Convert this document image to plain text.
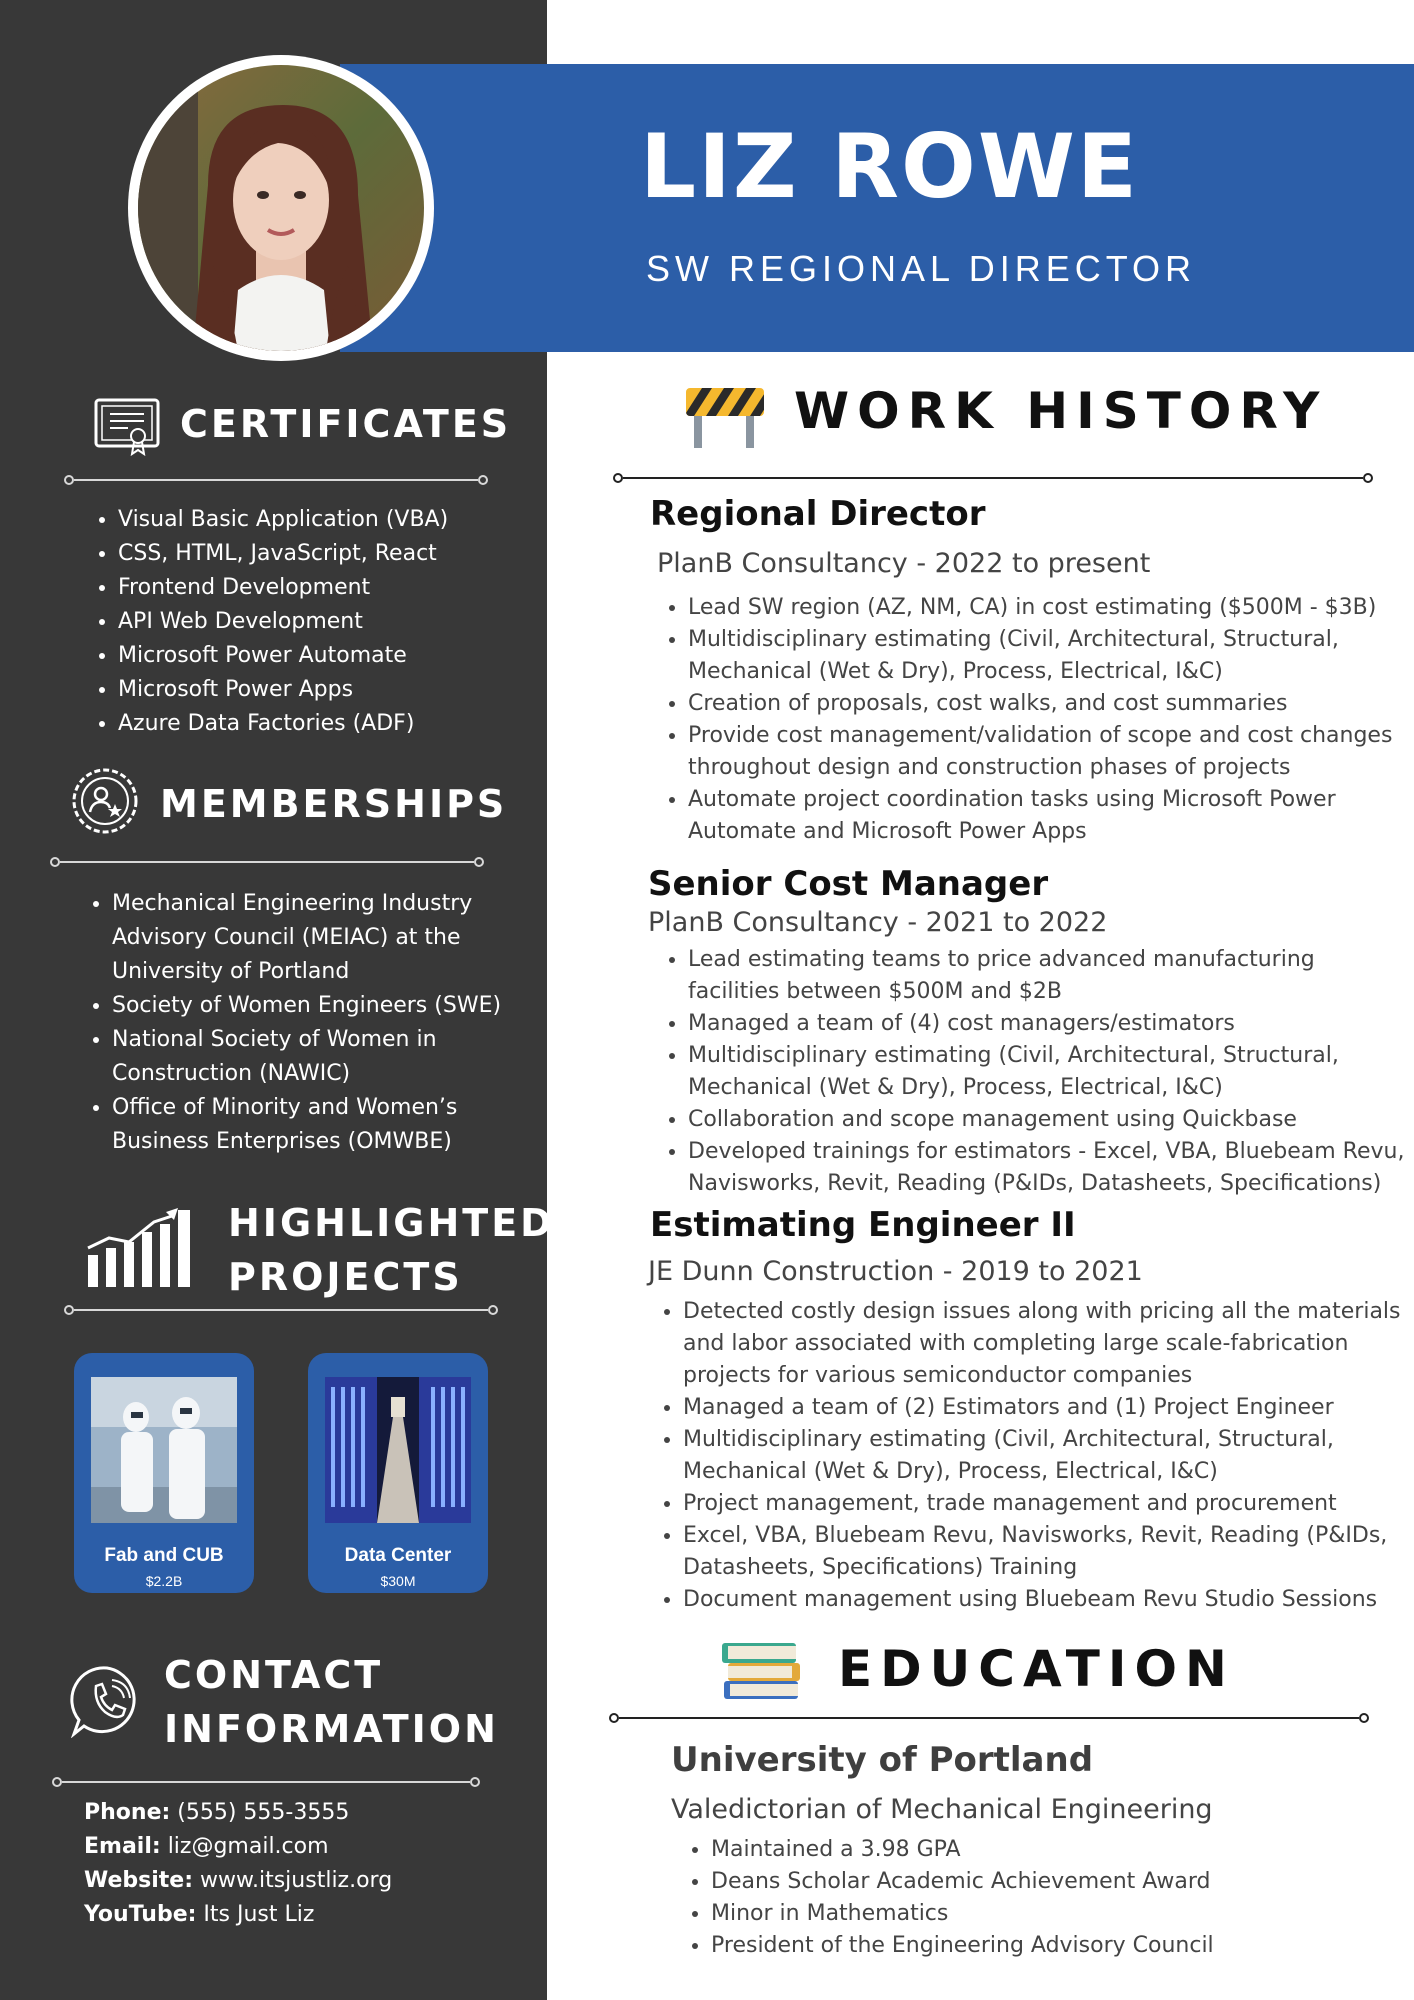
LIZ ROWE
SW REGIONAL DIRECTOR
CERTIFICATES
• Visual Basic Application (VBA)
• CSS, HTML, JavaScript, React
• Frontend Development
• API Web Development
• Microsoft Power Automate
• Microsoft Power Apps
• Azure Data Factories (ADF)
MEMBERSHIPS
• Mechanical Engineering Industry Advisory Council (MEIAC) at the University of Portland
• Society of Women Engineers (SWE)
• National Society of Women in Construction (NAWIC)
• Office of Minority and Women’s Business Enterprises (OMWBE)
HIGHLIGHTED
PROJECTS
Fab and CUB
$2.2B
Data Center
$30M
CONTACT
INFORMATION
Phone: (555) 555-3555
Email: liz@gmail.com
Website: www.itsjustliz.org
YouTube: Its Just Liz
WORK HISTORY
Regional Director
PlanB Consultancy - 2022 to present
• Lead SW region (AZ, NM, CA) in cost estimating ($500M - $3B)
• Multidisciplinary estimating (Civil, Architectural, Structural, Mechanical (Wet & Dry), Process, Electrical, I&C)
• Creation of proposals, cost walks, and cost summaries
• Provide cost management/validation of scope and cost changes throughout design and construction phases of projects
• Automate project coordination tasks using Microsoft Power Automate and Microsoft Power Apps
Senior Cost Manager
PlanB Consultancy - 2021 to 2022
• Lead estimating teams to price advanced manufacturing facilities between $500M and $2B
• Managed a team of (4) cost managers/estimators
• Multidisciplinary estimating (Civil, Architectural, Structural, Mechanical (Wet & Dry), Process, Electrical, I&C)
• Collaboration and scope management using Quickbase
• Developed trainings for estimators - Excel, VBA, Bluebeam Revu, Navisworks, Revit, Reading (P&IDs, Datasheets, Specifications)
Estimating Engineer II
JE Dunn Construction - 2019 to 2021
• Detected costly design issues along with pricing all the materials and labor associated with completing large scale-fabrication projects for various semiconductor companies
• Managed a team of (2) Estimators and (1) Project Engineer
• Multidisciplinary estimating (Civil, Architectural, Structural, Mechanical (Wet & Dry), Process, Electrical, I&C)
• Project management, trade management and procurement
• Excel, VBA, Bluebeam Revu, Navisworks, Revit, Reading (P&IDs, Datasheets, Specifications) Training
• Document management using Bluebeam Revu Studio Sessions
EDUCATION
University of Portland
Valedictorian of Mechanical Engineering
• Maintained a 3.98 GPA
• Deans Scholar Academic Achievement Award
• Minor in Mathematics
• President of the Engineering Advisory Council
